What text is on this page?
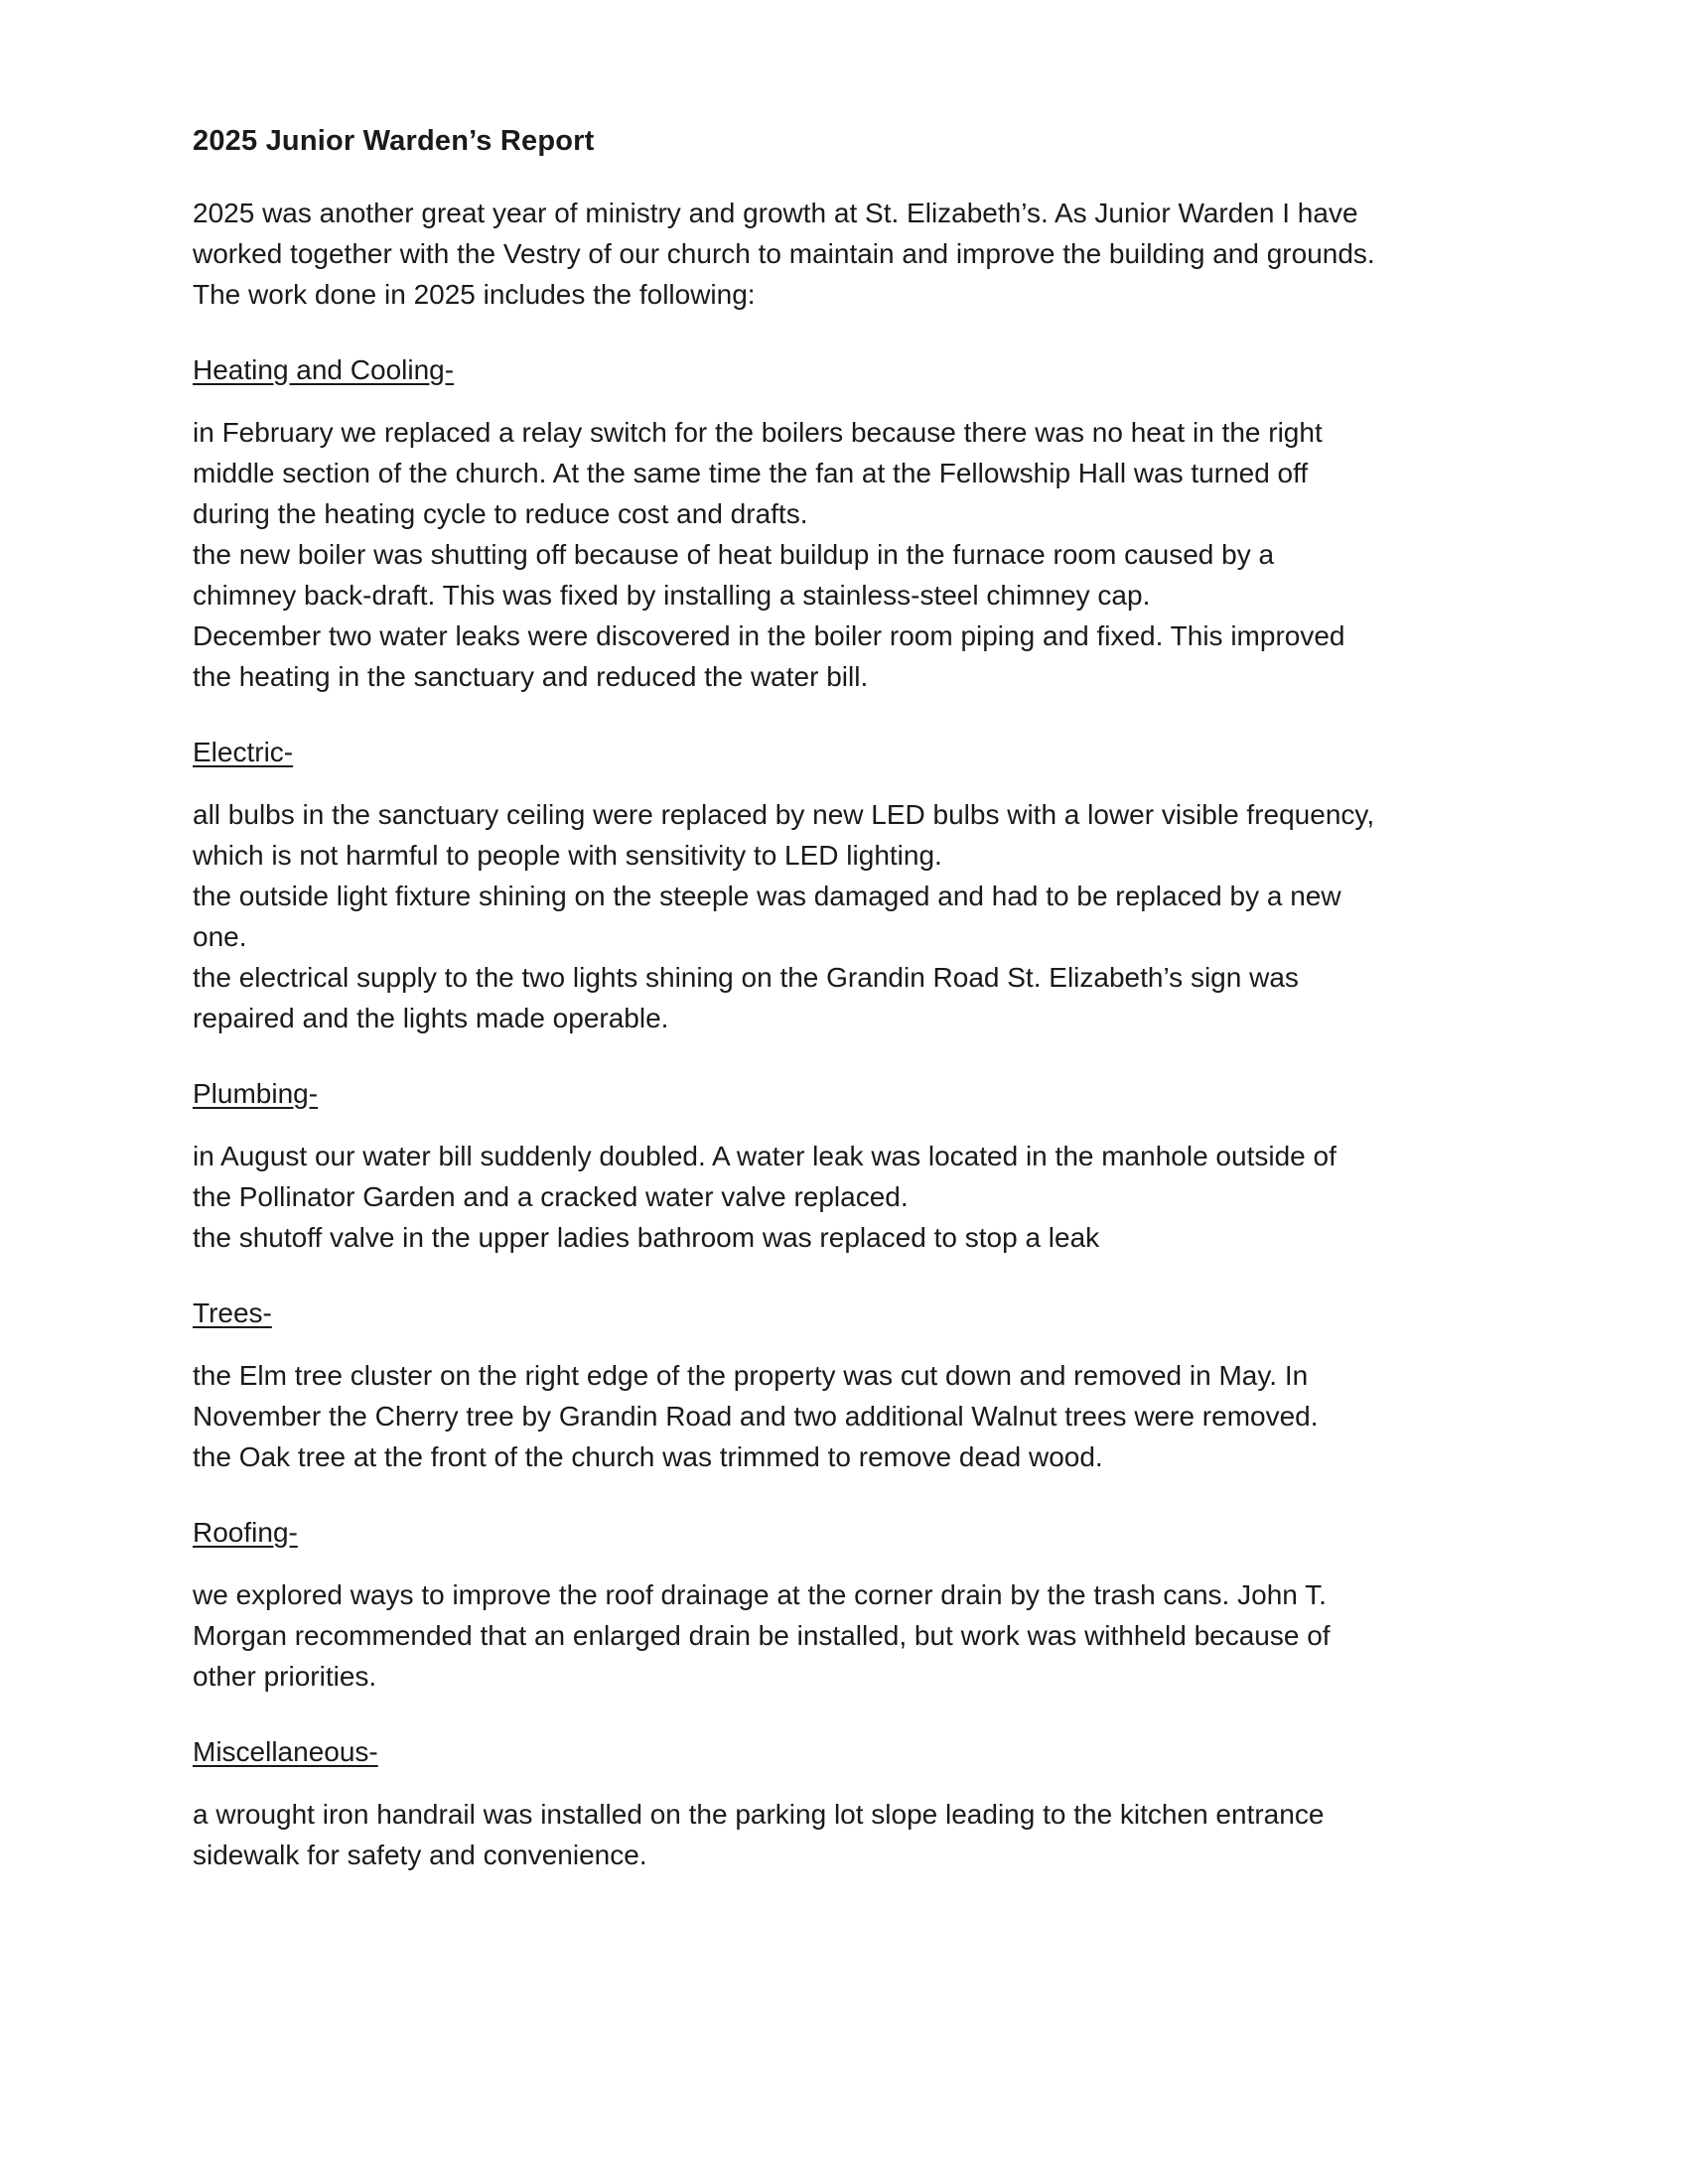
2025 Junior Warden’s Report

2025 was another great year of ministry and growth at St. Elizabeth’s. As Junior Warden I have

worked together with the Vestry of our church to maintain and improve the building and grounds.

The work done in 2025 includes the following:

Heating and Cooling-

in February we replaced a relay switch for the boilers because there was no heat in the right

middle section of the church. At the same time the fan at the Fellowship Hall was turned off

during the heating cycle to reduce cost and drafts.

the new boiler was shutting off because of heat buildup in the furnace room caused by a

chimney back-draft. This was fixed by installing a stainless-steel chimney cap.

December two water leaks were discovered in the boiler room piping and fixed. This improved

the heating in the sanctuary and reduced the water bill.

Electric-

all bulbs in the sanctuary ceiling were replaced by new LED bulbs with a lower visible frequency,

which is not harmful to people with sensitivity to LED lighting.

the outside light fixture shining on the steeple was damaged and had to be replaced by a new

one.

the electrical supply to the two lights shining on the Grandin Road St. Elizabeth’s sign was

repaired and the lights made operable.

Plumbing-

in August our water bill suddenly doubled. A water leak was located in the manhole outside of

the Pollinator Garden and a cracked water valve replaced.

the shutoff valve in the upper ladies bathroom was replaced to stop a leak

Trees-

the Elm tree cluster on the right edge of the property was cut down and removed in May. In

November the Cherry tree by Grandin Road and two additional Walnut trees were removed.

the Oak tree at the front of the church was trimmed to remove dead wood.

Roofing-

we explored ways to improve the roof drainage at the corner drain by the trash cans. John T.

Morgan recommended that an enlarged drain be installed, but work was withheld because of

other priorities.

Miscellaneous-

a wrought iron handrail was installed on the parking lot slope leading to the kitchen entrance

sidewalk for safety and convenience.
